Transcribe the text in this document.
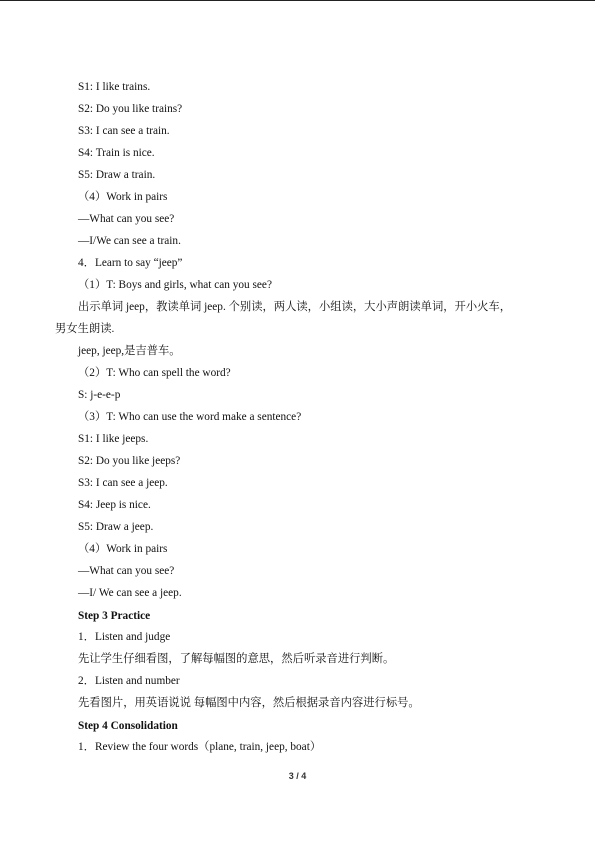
S1: I like trains.
S2: Do you like trains?
S3: I can see a train.
S4: Train is nice.
S5: Draw a train.
（4）Work in pairs
—What can you see?
—I/We can see a train.
4．Learn to say “jeep”
（1）T: Boys and girls, what can you see?
出示单词 jeep，教读单词 jeep. 个别读，两人读，小组读，大小声朗读单词，开小火车，
男女生朗读.
jeep, jeep,是吉普车。
（2）T: Who can spell the word?
S: j-e-e-p
（3）T: Who can use the word make a sentence?
S1: I like jeeps.
S2: Do you like jeeps?
S3: I can see a jeep.
S4: Jeep is nice.
S5: Draw a jeep.
（4）Work in pairs
—What can you see?
—I/ We can see a jeep.
Step 3 Practice
1．Listen and judge
先让学生仔细看图，了解每幅图的意思，然后听录音进行判断。
2．Listen and number
先看图片，用英语说说 每幅图中内容，然后根据录音内容进行标号。
Step 4 Consolidation
1．Review the four words（plane, train, jeep, boat）
3 / 4
